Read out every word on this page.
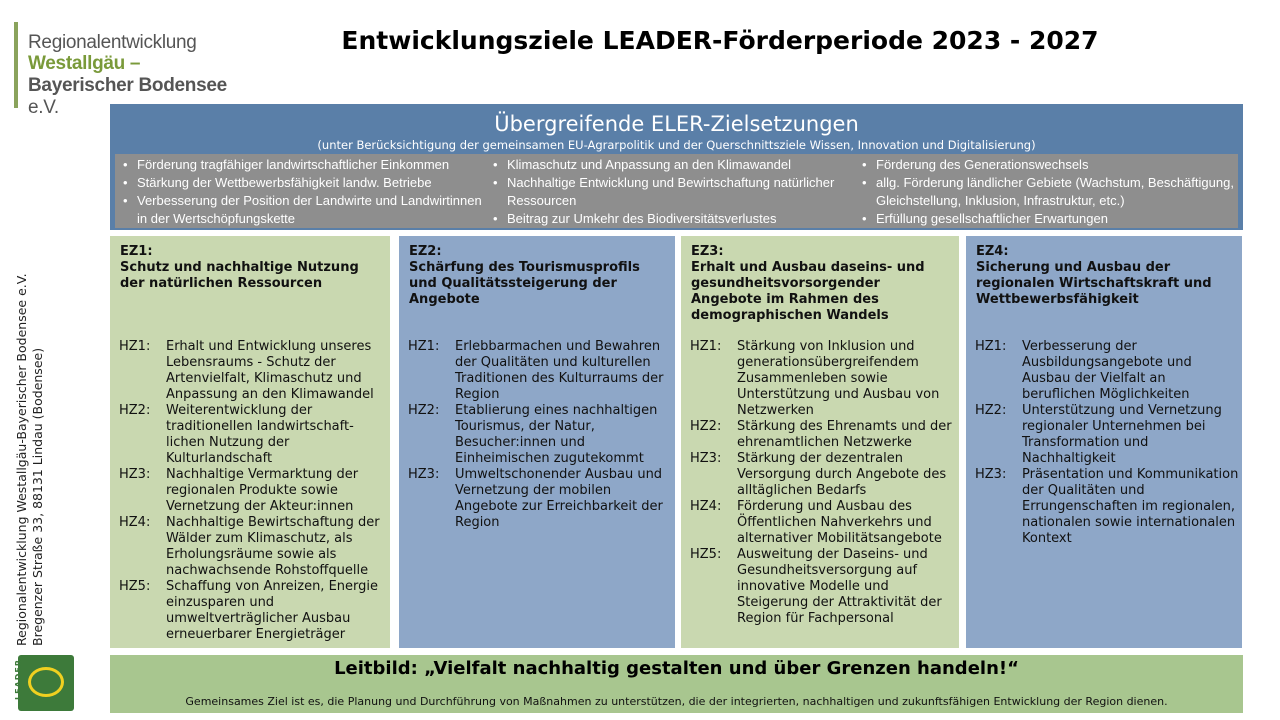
Regionalentwicklung
Westallgäu –
Bayerischer Bodensee e.V.
Entwicklungsziele LEADER-Förderperiode 2023 - 2027
Regionalentwicklung Westallgäu-Bayerischer Bodensee e.V. Bregenzer Straße 33, 88131 Lindau (Bodensee)
LEADER
Übergreifende ELER-Zielsetzungen
(unter Berücksichtigung der gemeinsamen EU-Agrarpolitik und der Querschnittsziele Wissen, Innovation und Digitalisierung)
• Förderung tragfähiger landwirtschaftlicher Einkommen
• Stärkung der Wettbewerbsfähigkeit landw. Betriebe
• Verbesserung der Position der Landwirte und Landwirtinnen in der Wertschöpfungskette
• Klimaschutz und Anpassung an den Klimawandel
• Nachhaltige Entwicklung und Bewirtschaftung natürlicher Ressourcen
• Beitrag zur Umkehr des Biodiversitätsverlustes
• Förderung des Generationswechsels
• allg. Förderung ländlicher Gebiete (Wachstum, Beschäftigung, Gleichstellung, Inklusion, Infrastruktur, etc.)
• Erfüllung gesellschaftlicher Erwartungen
EZ1:
Schutz und nachhaltige Nutzung der natürlichen Ressourcen
HZ1:	Erhalt und Entwicklung unseres Lebensraums - Schutz der Artenvielfalt, Klimaschutz und Anpassung an den Klimawandel
HZ2:	Weiterentwicklung der traditionellen landwirtschaft-lichen Nutzung der Kulturlandschaft
HZ3:	Nachhaltige Vermarktung der regionalen Produkte sowie Vernetzung der Akteur:innen
HZ4:	Nachhaltige Bewirtschaftung der Wälder zum Klimaschutz, als Erholungsräume sowie als nachwachsende Rohstoffquelle
HZ5:	Schaffung von Anreizen, Energie einzusparen und umweltverträglicher Ausbau erneuerbarer Energieträger
EZ2:
Schärfung des Tourismusprofils und Qualitätssteigerung der Angebote
HZ1:	Erlebbarmachen und Bewahren der Qualitäten und kulturellen Traditionen des Kulturraums der Region
HZ2:	Etablierung eines nachhaltigen Tourismus, der Natur, Besucher:innen und Einheimischen zugutekommt
HZ3:	Umweltschonender Ausbau und Vernetzung der mobilen Angebote zur Erreichbarkeit der Region
EZ3:
Erhalt und Ausbau daseins- und gesundheitsvorsorgender Angebote im Rahmen des demographischen Wandels
HZ1:	Stärkung von Inklusion und generationsübergreifendem Zusammenleben sowie Unterstützung und Ausbau von Netzwerken
HZ2:	Stärkung des Ehrenamts und der ehrenamtlichen Netzwerke
HZ3:	Stärkung der dezentralen Versorgung durch Angebote des alltäglichen Bedarfs
HZ4:	Förderung und Ausbau des Öffentlichen Nahverkehrs und alternativer Mobilitätsangebote
HZ5:	Ausweitung der Daseins- und Gesundheitsversorgung auf innovative Modelle und Steigerung der Attraktivität der Region für Fachpersonal
EZ4:
Sicherung und Ausbau der regionalen Wirtschaftskraft und Wettbewerbsfähigkeit
HZ1:	Verbesserung der Ausbildungsangebote und Ausbau der Vielfalt an beruflichen Möglichkeiten
HZ2:	Unterstützung und Vernetzung regionaler Unternehmen bei Transformation und Nachhaltigkeit
HZ3:	Präsentation und Kommunikation der Qualitäten und Errungenschaften im regionalen, nationalen sowie internationalen Kontext
Leitbild: „Vielfalt nachhaltig gestalten und über Grenzen handeln!“
Gemeinsames Ziel ist es, die Planung und Durchführung von Maßnahmen zu unterstützen, die der integrierten, nachhaltigen und zukunftsfähigen Entwicklung der Region dienen.
